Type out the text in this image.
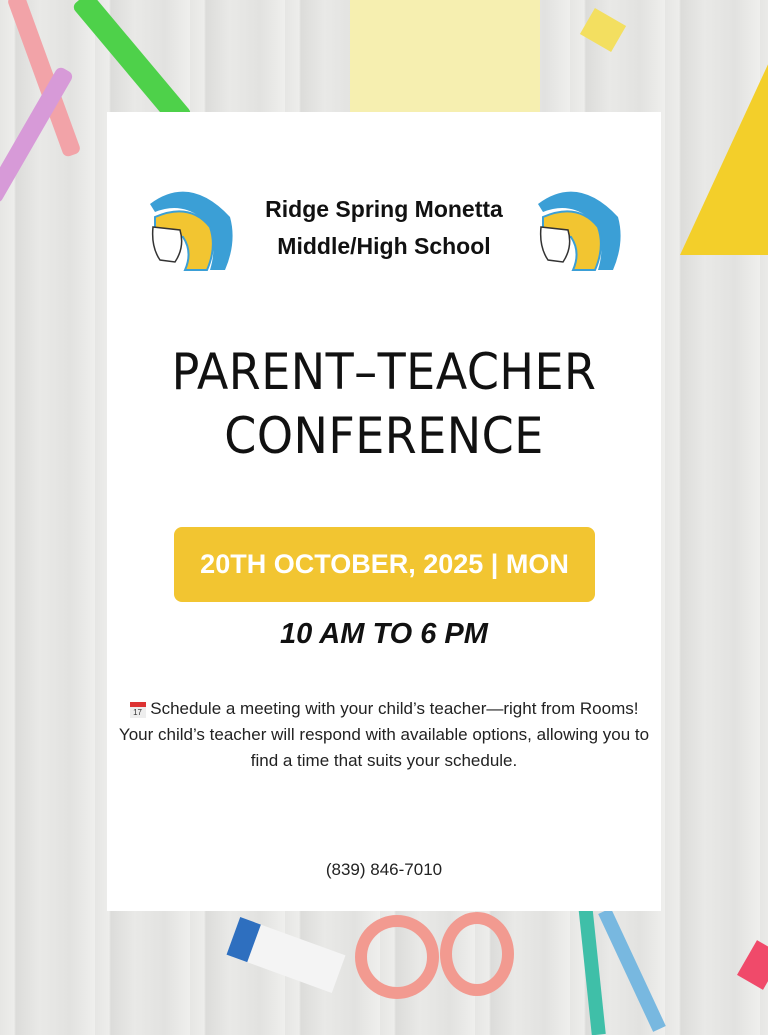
Ridge Spring Monetta
Middle/High School
PARENT–TEACHER
CONFERENCE
20TH OCTOBER, 2025 | MON
10 AM TO 6 PM
17 Schedule a meeting with your child’s teacher—right from Rooms!
Your child’s teacher will respond with available options, allowing you to find a time that suits your schedule.
(839) 846-7010
